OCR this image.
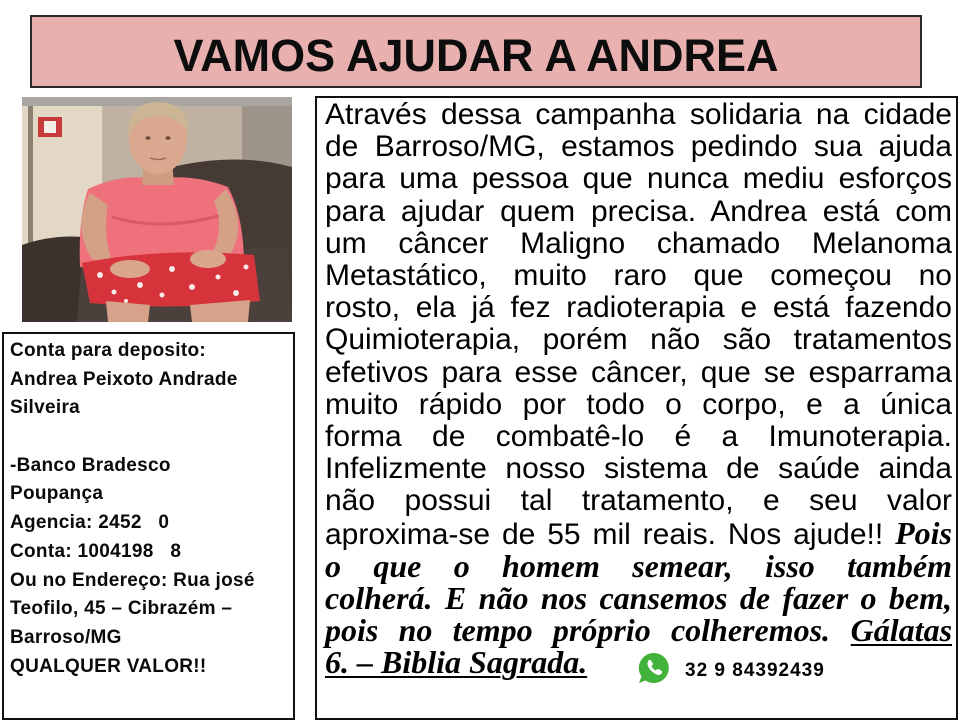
VAMOS AJUDAR A ANDREA
Conta para deposito:
Andrea Peixoto Andrade
Silveira
-Banco Bradesco
Poupança
Agencia: 2452   0
Conta: 1004198   8
Ou no Endereço: Rua josé
Teofilo, 45 – Cibrazém –
Barroso/MG
QUALQUER VALOR!!
Através dessa campanha solidaria na cidade
de Barroso/MG, estamos pedindo sua ajuda
para uma pessoa que nunca mediu esforços
para ajudar quem precisa. Andrea está com
um câncer Maligno chamado Melanoma
Metastático, muito raro que começou no
rosto, ela já fez radioterapia e está fazendo
Quimioterapia, porém não são tratamentos
efetivos para esse câncer, que se esparrama
muito rápido por todo o corpo, e a única
forma de combatê-lo é a Imunoterapia.
Infelizmente nosso sistema de saúde ainda
não possui tal tratamento, e seu valor
aproxima-se de 55 mil reais. Nos ajude!! Pois
o que o homem semear, isso também
colherá. E não nos cansemos de fazer o bem,
pois no tempo próprio colheremos. Gálatas
6. – Biblia Sagrada.	32 9 84392439
